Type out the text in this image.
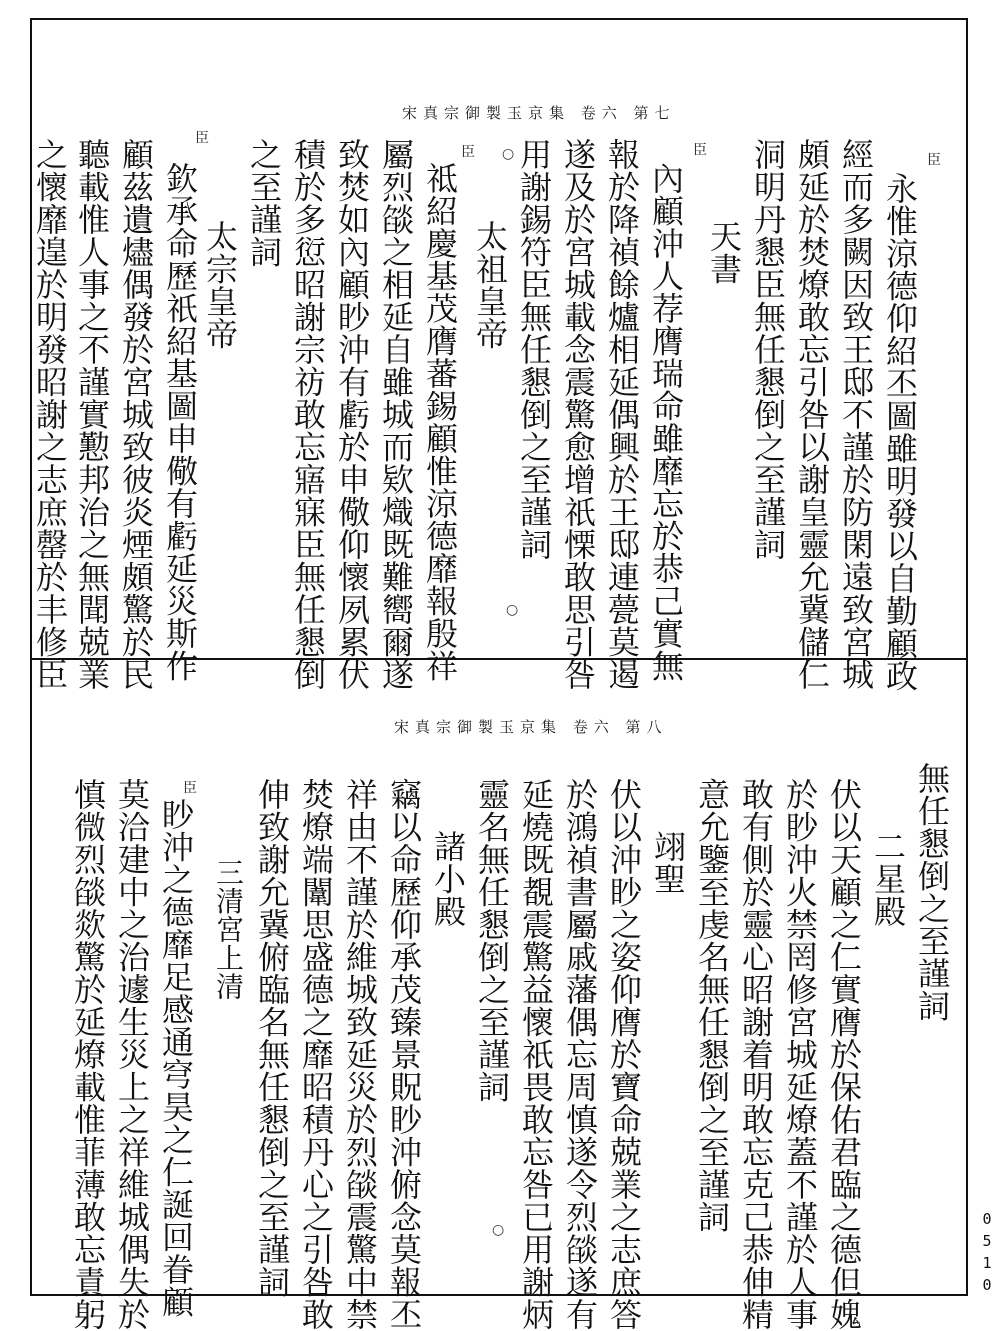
宋真宗御製玉京集 卷六 第七
臣
永惟涼德仰紹丕圖雖明發以自勤顧政
經而多闕因致王邸不謹於防閑遠致宮城
頗延於焚燎敢忘引咎以謝皇靈允冀儲仁
洞明丹懇臣無任懇倒之至謹詞
天書
臣
內顧沖人荐膺瑞命雖靡忘於恭己實無
報於降禎餘爐相延偶興於王邸連甍莫遏
遂及於宮城載念震驚愈增祇慄敢思引咎
用謝錫符臣無任懇倒之至謹詞
太祖皇帝
臣
祗紹慶基茂膺蕃錫顧惟涼德靡報殷祥
屬烈燄之相延自雖城而欵熾既難嚮爾遂
致焚如內顧眇沖有虧於申儆仰懷夙累伏
積於多愆昭謝宗祊敢忘寤寐臣無任懇倒
之至謹詞
太宗皇帝
臣
欽承命歷祇紹基圖申儆有虧延災斯作
顧茲遺燼偶發於宮城致彼炎煙頗驚於民
聽載惟人事之不謹實懃邦治之無聞兢業
之懷靡遑於明發昭謝之志庶罄於丰修臣	○
○
宋真宗御製玉京集 卷六 第八
無任懇倒之至謹詞
二星殿
伏以天顧之仁實膺於保佑君臨之德但媿
於眇沖火禁罔修宮城延燎蓋不謹於人事
敢有側於靈心昭謝着明敢忘克己恭伸精
意允鑒至虔名無任懇倒之至謹詞
翊聖
伏以沖眇之姿仰膺於寶命兢業之志庶答
於鴻禎書屬戚藩偶忘周慎遂令烈燄遂有
延燒既覩震驚益懷祇畏敢忘咎已用謝炳
靈名無任懇倒之至謹詞
諸小殿
竊以命歷仰承茂臻景貺眇沖俯念莫報丕
祥由不謹於維城致延災於烈燄震驚中禁
焚燎端闈思盛德之靡昭積丹心之引咎敢
伸致謝允冀俯臨名無任懇倒之至謹詞
三清宮上清
臣
眇沖之德靡足感通穹昊之仁誕回眷顧
莫洽建中之治遽生災上之祥維城偶失於
慎微烈燄欻驚於延燎載惟菲薄敢忘責躬	○	0510
